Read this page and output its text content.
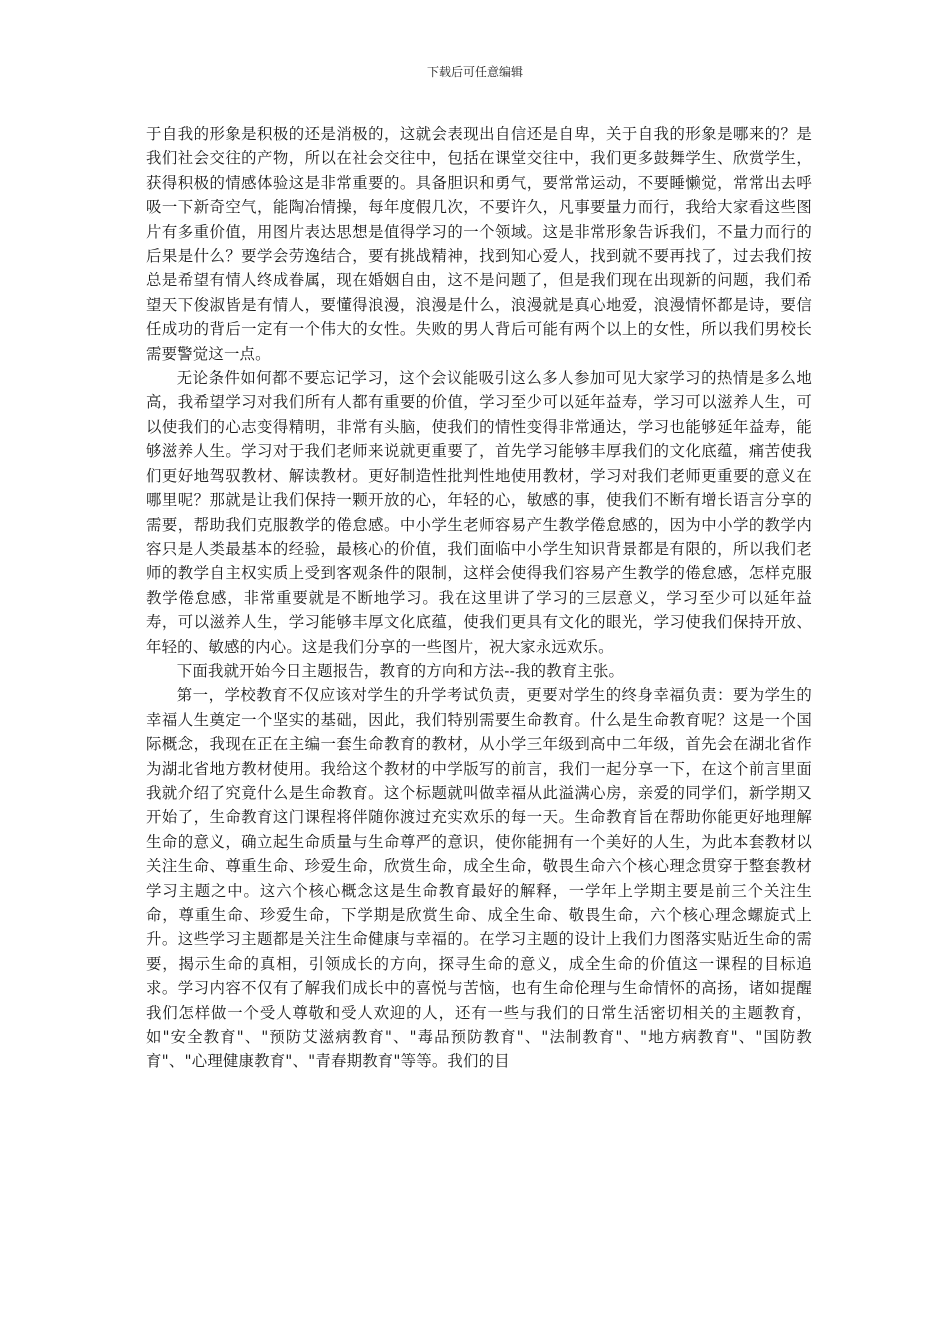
下载后可任意编辑

于自我的形象是积极的还是消极的，这就会表现出自信还是自卑，关于自我的形象是哪来的？是我们社会交往的产物，所以在社会交往中，包括在课堂交往中，我们更多鼓舞学生、欣赏学生，获得积极的情感体验这是非常重要的。具备胆识和勇气，要常常运动，不要睡懒觉，常常出去呼吸一下新奇空气，能陶冶情操，每年度假几次，不要许久，凡事要量力而行，我给大家看这些图片有多重价值，用图片表达思想是值得学习的一个领域。这是非常形象告诉我们，不量力而行的后果是什么？要学会劳逸结合，要有挑战精神，找到知心爱人，找到就不要再找了，过去我们按总是希望有情人终成眷属，现在婚姻自由，这不是问题了，但是我们现在出现新的问题，我们希望天下俊淑皆是有情人，要懂得浪漫，浪漫是什么，浪漫就是真心地爱，浪漫情怀都是诗，要信任成功的背后一定有一个伟大的女性。失败的男人背后可能有两个以上的女性，所以我们男校长需要警觉这一点。

无论条件如何都不要忘记学习，这个会议能吸引这么多人参加可见大家学习的热情是多么地高，我希望学习对我们所有人都有重要的价值，学习至少可以延年益寿，学习可以滋养人生，可以使我们的心志变得精明，非常有头脑，使我们的情性变得非常通达，学习也能够延年益寿，能够滋养人生。学习对于我们老师来说就更重要了，首先学习能够丰厚我们的文化底蕴，痛苦使我们更好地驾驭教材、解读教材。更好制造性批判性地使用教材，学习对我们老师更重要的意义在哪里呢？那就是让我们保持一颗开放的心，年轻的心，敏感的事，使我们不断有增长语言分享的需要，帮助我们克服教学的倦怠感。中小学生老师容易产生教学倦怠感的，因为中小学的教学内容只是人类最基本的经验，最核心的价值，我们面临中小学生知识背景都是有限的，所以我们老师的教学自主权实质上受到客观条件的限制，这样会使得我们容易产生教学的倦怠感，怎样克服教学倦怠感，非常重要就是不断地学习。我在这里讲了学习的三层意义，学习至少可以延年益寿，可以滋养人生，学习能够丰厚文化底蕴，使我们更具有文化的眼光，学习使我们保持开放、年轻的、敏感的内心。这是我们分享的一些图片，祝大家永远欢乐。

下面我就开始今日主题报告，教育的方向和方法--我的教育主张。

第一，学校教育不仅应该对学生的升学考试负责，更要对学生的终身幸福负责：要为学生的幸福人生奠定一个坚实的基础，因此，我们特别需要生命教育。什么是生命教育呢？这是一个国际概念，我现在正在主编一套生命教育的教材，从小学三年级到高中二年级，首先会在湖北省作为湖北省地方教材使用。我给这个教材的中学版写的前言，我们一起分享一下，在这个前言里面我就介绍了究竟什么是生命教育。这个标题就叫做幸福从此溢满心房，亲爱的同学们，新学期又开始了，生命教育这门课程将伴随你渡过充实欢乐的每一天。生命教育旨在帮助你能更好地理解生命的意义，确立起生命质量与生命尊严的意识，使你能拥有一个美好的人生，为此本套教材以关注生命、尊重生命、珍爱生命，欣赏生命，成全生命，敬畏生命六个核心理念贯穿于整套教材学习主题之中。这六个核心概念这是生命教育最好的解释，一学年上学期主要是前三个关注生命，尊重生命、珍爱生命，下学期是欣赏生命、成全生命、敬畏生命，六个核心理念螺旋式上升。这些学习主题都是关注生命健康与幸福的。在学习主题的设计上我们力图落实贴近生命的需要，揭示生命的真相，引领成长的方向，探寻生命的意义，成全生命的价值这一课程的目标追求。学习内容不仅有了解我们成长中的喜悦与苦恼，也有生命伦理与生命情怀的高扬，诸如提醒我们怎样做一个受人尊敬和受人欢迎的人，还有一些与我们的日常生活密切相关的主题教育，如"安全教育"、"预防艾滋病教育"、"毒品预防教育"、"法制教育"、"地方病教育"、"国防教育"、"心理健康教育"、"青春期教育"等等。我们的目
